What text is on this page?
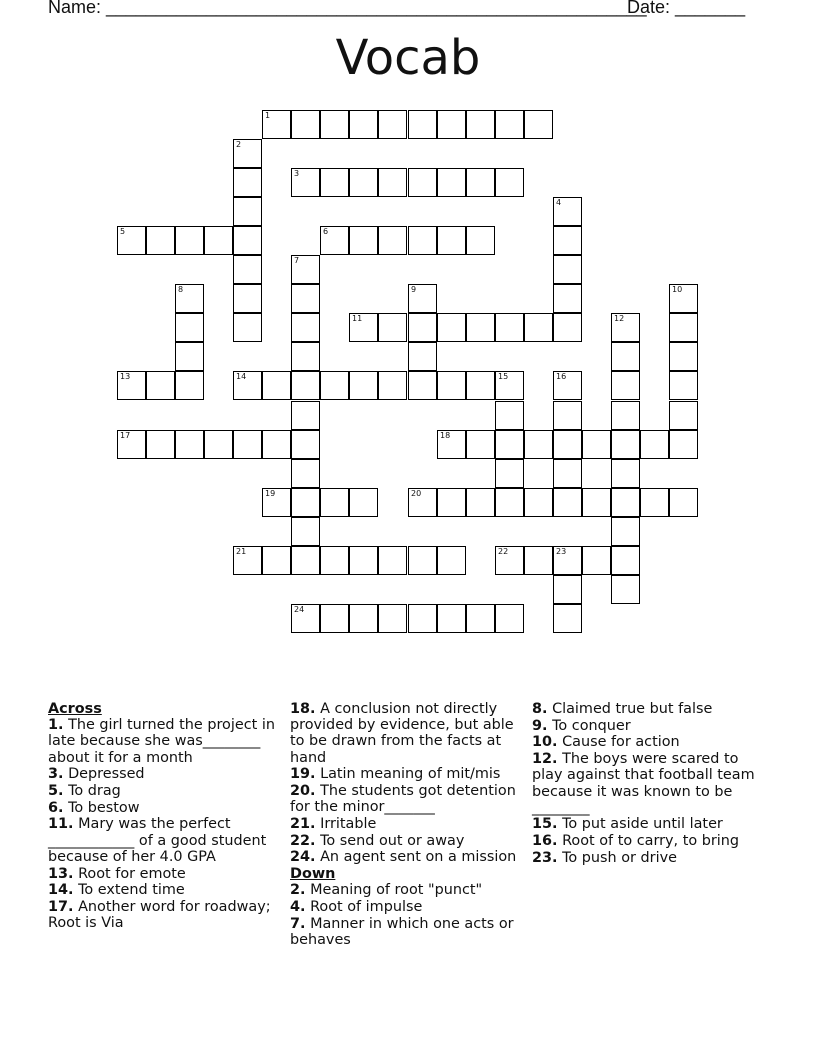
Name: ______________________________________________________
Date: _______
Vocab
1
2
3
4
5	6
7
8	9	10
11	12
13	14	15	16
17	18
19	20
21	22	23
24
Across
1. The girl turned the project in late because she was________ about it for a month
3. Depressed
5. To drag
6. To bestow
11. Mary was the perfect ____________ of a good student because of her 4.0 GPA
13. Root for emote
14. To extend time
17. Another word for roadway; Root is Via
18. A conclusion not directly provided by evidence, but able to be drawn from the facts at hand
19. Latin meaning of mit/mis
20. The students got detention for the minor_______
21. Irritable
22. To send out or away
24. An agent sent on a mission
Down
2. Meaning of root "punct"
4. Root of impulse
7. Manner in which one acts or behaves
8. Claimed true but false
9. To conquer
10. Cause for action
12. The boys were scared to play against that football team because it was known to be ________
15. To put aside until later
16. Root of to carry, to bring
23. To push or drive
